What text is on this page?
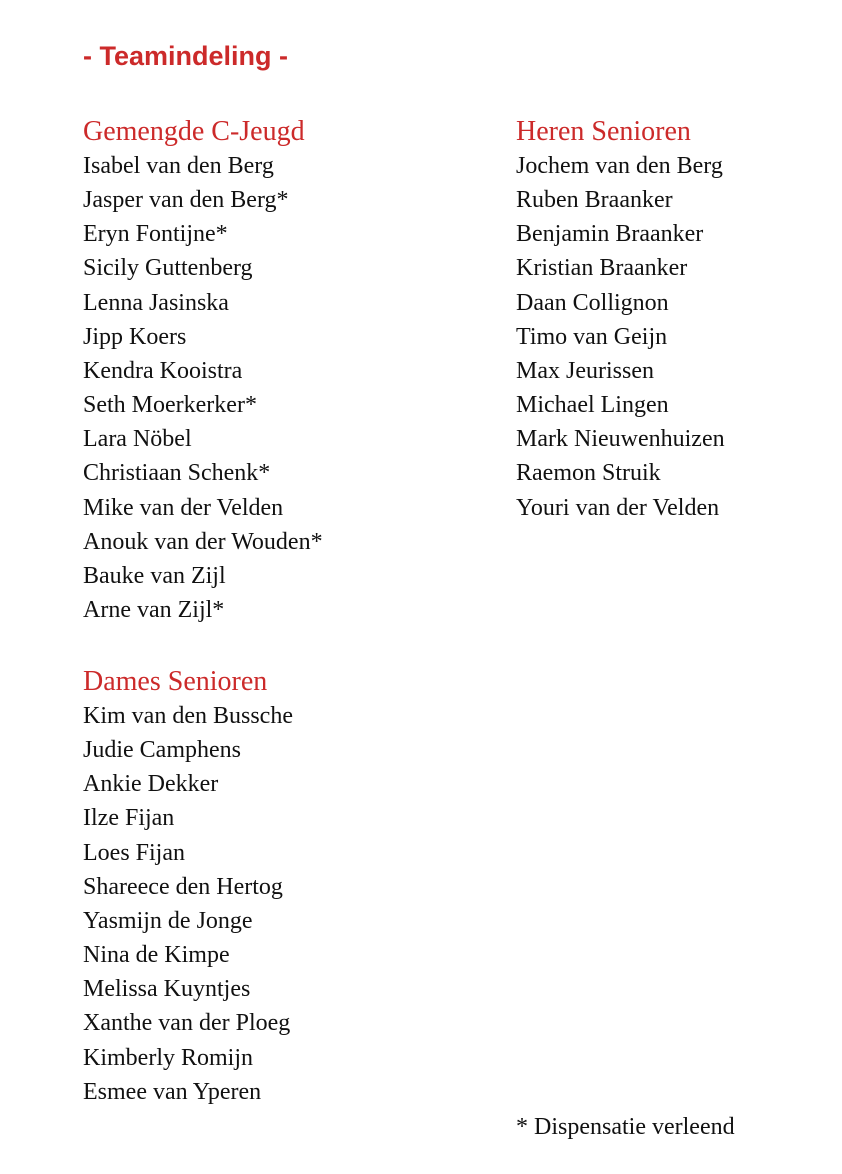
- Teamindeling -
Gemengde C-Jeugd
Isabel van den Berg
Jasper van den Berg*
Eryn Fontijne*
Sicily Guttenberg
Lenna Jasinska
Jipp Koers
Kendra Kooistra
Seth Moerkerker*
Lara Nöbel
Christiaan Schenk*
Mike van der Velden
Anouk van der Wouden*
Bauke van Zijl
Arne van Zijl*
Heren Senioren
Jochem van den Berg
Ruben Braanker
Benjamin Braanker
Kristian Braanker
Daan Collignon
Timo van Geijn
Max Jeurissen
Michael Lingen
Mark Nieuwenhuizen
Raemon Struik
Youri van der Velden
Dames Senioren
Kim van den Bussche
Judie Camphens
Ankie Dekker
Ilze Fijan
Loes Fijan
Shareece den Hertog
Yasmijn de Jonge
Nina de Kimpe
Melissa Kuyntjes
Xanthe van der Ploeg
Kimberly Romijn
Esmee van Yperen
* Dispensatie verleend
